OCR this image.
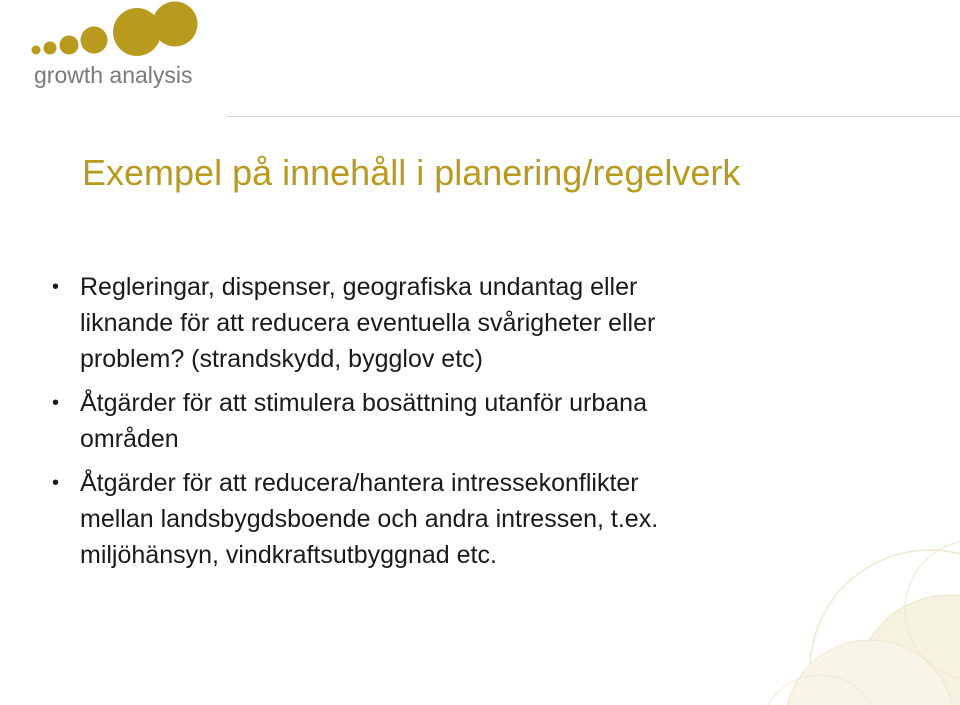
growth analysis
Exempel på innehåll i planering/regelverk
• Regleringar, dispenser, geografiska undantag eller
liknande för att reducera eventuella svårigheter eller
problem? (strandskydd, bygglov etc)
• Åtgärder för att stimulera bosättning utanför urbana
områden
• Åtgärder för att reducera/hantera intressekonflikter
mellan landsbygdsboende och andra intressen, t.ex.
miljöhänsyn, vindkraftsutbyggnad etc.
